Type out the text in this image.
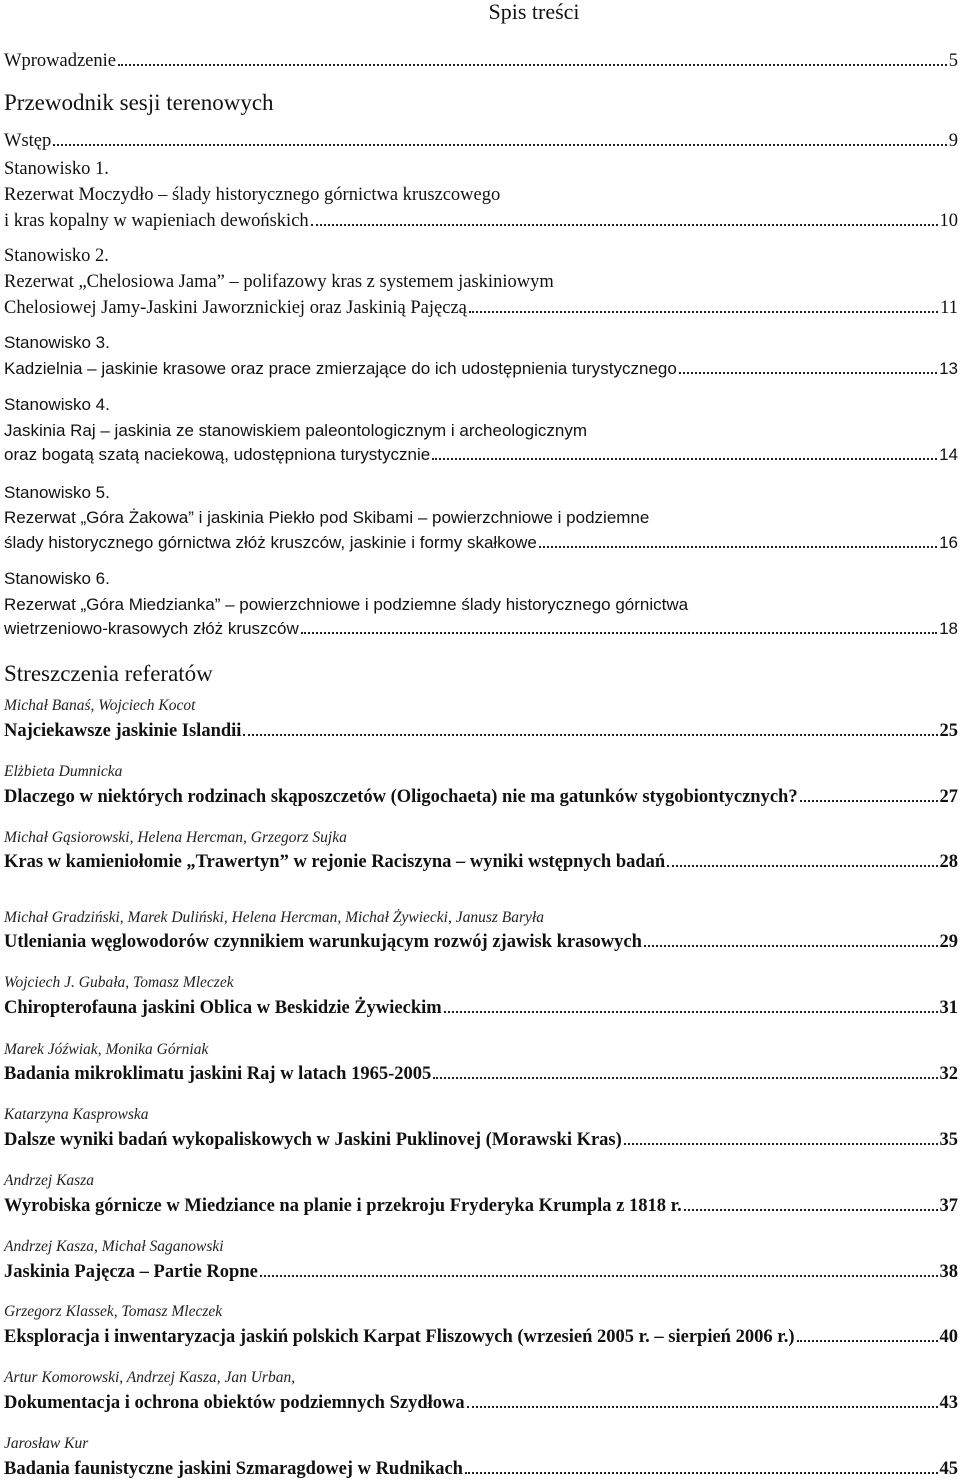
Spis treści
Wprowadzenie	5
Przewodnik sesji terenowych
Wstęp	9
Stanowisko 1.
Rezerwat Moczydło – ślady historycznego górnictwa kruszcowego
i kras kopalny w wapieniach dewońskich	10
Stanowisko 2.
Rezerwat „Chelosiowa Jama” – polifazowy kras z systemem jaskiniowym
Chelosiowej Jamy-Jaskini Jaworznickiej oraz Jaskinią Pajęczą	11
Stanowisko 3.
Kadzielnia – jaskinie krasowe oraz prace zmierzające do ich udostępnienia turystycznego	13
Stanowisko 4.
Jaskinia Raj – jaskinia ze stanowiskiem paleontologicznym i archeologicznym
oraz bogatą szatą naciekową, udostępniona turystycznie	14
Stanowisko 5.
Rezerwat „Góra Żakowa” i jaskinia Piekło pod Skibami – powierzchniowe i podziemne
ślady historycznego górnictwa złóż kruszców, jaskinie i formy skałkowe	16
Stanowisko 6.
Rezerwat „Góra Miedzianka” – powierzchniowe i podziemne ślady historycznego górnictwa
wietrzeniowo-krasowych złóż kruszców	18
Streszczenia referatów
Michał Banaś, Wojciech Kocot
Najciekawsze jaskinie Islandii	25
Elżbieta Dumnicka
Dlaczego w niektórych rodzinach skąposzczetów (Oligochaeta) nie ma gatunków stygobiontycznych?	27
Michał Gąsiorowski, Helena Hercman, Grzegorz Sujka
Kras w kamieniołomie „Trawertyn” w rejonie Raciszyna – wyniki wstępnych badań	28
Michał Gradziński, Marek Duliński, Helena Hercman, Michał Żywiecki, Janusz Baryła
Utleniania węglowodorów czynnikiem warunkującym rozwój zjawisk krasowych	29
Wojciech J. Gubała, Tomasz Mleczek
Chiropterofauna jaskini Oblica w Beskidzie Żywieckim	31
Marek Jóźwiak, Monika Górniak
Badania mikroklimatu jaskini Raj w latach 1965-2005	32
Katarzyna Kasprowska
Dalsze wyniki badań wykopaliskowych w Jaskini Puklinovej (Morawski Kras)	35
Andrzej Kasza
Wyrobiska górnicze w Miedziance na planie i przekroju Fryderyka Krumpla z 1818 r.	37
Andrzej Kasza, Michał Saganowski
Jaskinia Pajęcza – Partie Ropne	38
Grzegorz Klassek, Tomasz Mleczek
Eksploracja i inwentaryzacja jaskiń polskich Karpat Fliszowych (wrzesień 2005 r. – sierpień 2006 r.)	40
Artur Komorowski, Andrzej Kasza, Jan Urban,
Dokumentacja i ochrona obiektów podziemnych Szydłowa	43
Jarosław Kur
Badania faunistyczne jaskini Szmaragdowej w Rudnikach	45
